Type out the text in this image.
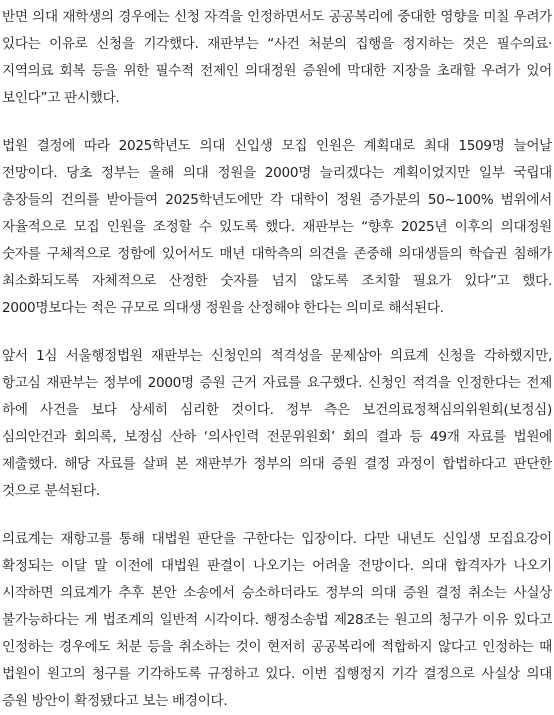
반면 의대 재학생의 경우에는 신청 자격을 인정하면서도 공공복리에 중대한 영향을 미칠 우려가 있다는 이유로 신청을 기각했다. 재판부는 “사건 처분의 집행을 정지하는 것은 필수의료·지역의료 회복 등을 위한 필수적 전제인 의대정원 증원에 막대한 지장을 초래할 우려가 있어 보인다”고 판시했다.

법원 결정에 따라 2025학년도 의대 신입생 모집 인원은 계획대로 최대 1509명 늘어날 전망이다. 당초 정부는 올해 의대 정원을 2000명 늘리겠다는 계획이었지만 일부 국립대 총장들의 건의를 받아들여 2025학년도에만 각 대학이 정원 증가분의 50~100% 범위에서 자율적으로 모집 인원을 조정할 수 있도록 했다. 재판부는 “향후 2025년 이후의 의대정원 숫자를 구체적으로 정함에 있어서도 매년 대학측의 의견을 존중해 의대생들의 학습권 침해가 최소화되도록 자체적으로 산정한 숫자를 넘지 않도록 조치할 필요가 있다”고 했다. 2000명보다는 적은 규모로 의대생 정원을 산정해야 한다는 의미로 해석된다.

앞서 1심 서울행정법원 재판부는 신청인의 적격성을 문제삼아 의료계 신청을 각하했지만, 항고심 재판부는 정부에 2000명 증원 근거 자료를 요구했다. 신청인 적격을 인정한다는 전제 하에 사건을 보다 상세히 심리한 것이다. 정부 측은 보건의료정책심의위원회(보정심) 심의안건과 회의록, 보정심 산하 ‘의사인력 전문위원회’ 회의 결과 등 49개 자료를 법원에 제출했다. 해당 자료를 살펴 본 재판부가 정부의 의대 증원 결정 과정이 합법하다고 판단한 것으로 분석된다.

의료계는 재항고를 통해 대법원 판단을 구한다는 입장이다. 다만 내년도 신입생 모집요강이 확정되는 이달 말 이전에 대법원 판결이 나오기는 어려울 전망이다. 의대 합격자가 나오기 시작하면 의료계가 추후 본안 소송에서 승소하더라도 정부의 의대 증원 결정 취소는 사실상 불가능하다는 게 법조계의 일반적 시각이다. 행정소송법 제28조는 원고의 청구가 이유 있다고 인정하는 경우에도 처분 등을 취소하는 것이 현저히 공공복리에 적합하지 않다고 인정하는 때 법원이 원고의 청구를 기각하도록 규정하고 있다. 이번 집행정지 기각 결정으로 사실상 의대 증원 방안이 확정됐다고 보는 배경이다.
